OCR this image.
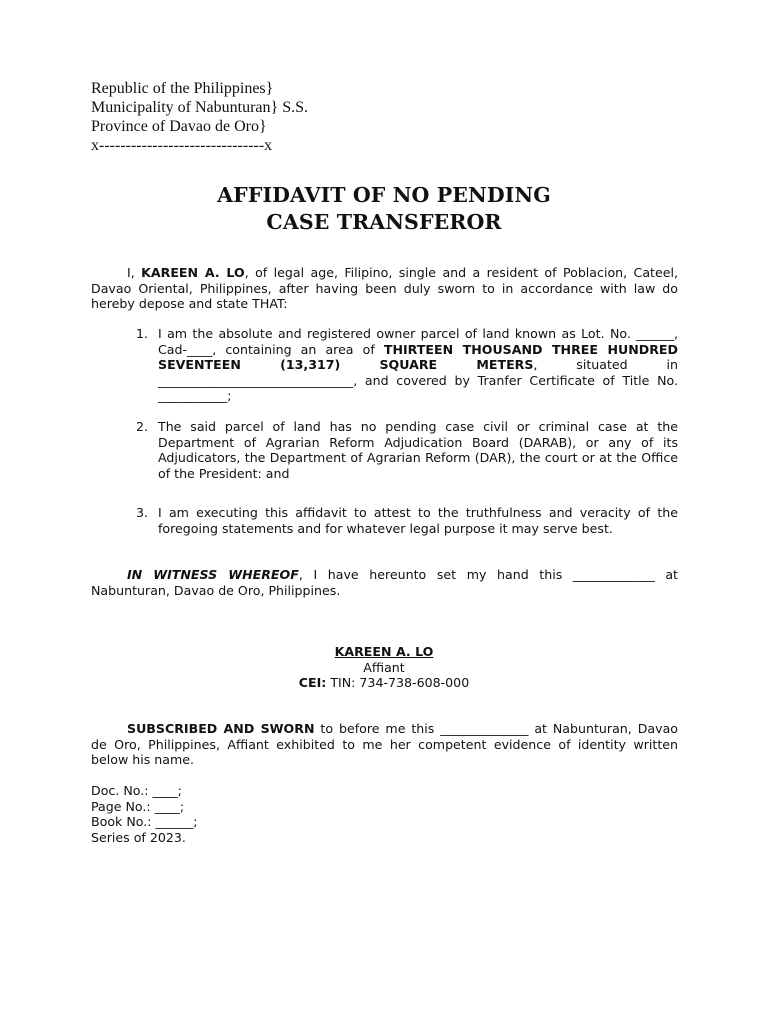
Republic of the Philippines}
Municipality of Nabunturan} S.S.
Province of Davao de Oro}
x-------------------------------x
AFFIDAVIT OF NO PENDING
CASE TRANSFEROR
I, KAREEN A. LO, of legal age, Filipino, single and a resident of Poblacion, Cateel, Davao Oriental, Philippines, after having been duly sworn to in accordance with law do hereby depose and state THAT:
1. I am the absolute and registered owner parcel of land known as Lot. No. ______, Cad-____, containing an area of THIRTEEN THOUSAND THREE HUNDRED SEVENTEEN (13,317) SQUARE METERS, situated in _______________________________, and covered by Tranfer Certificate of Title No. ___________;
2. The said parcel of land has no pending case civil or criminal case at the Department of Agrarian Reform Adjudication Board (DARAB), or any of its Adjudicators, the Department of Agrarian Reform (DAR), the court or at the Office of the President: and
3. I am executing this affidavit to attest to the truthfulness and veracity of the foregoing statements and for whatever legal purpose it may serve best.
IN WITNESS WHEREOF, I have hereunto set my hand this _____________ at Nabunturan, Davao de Oro, Philippines.
KAREEN A. LO
Affiant
CEI: TIN: 734-738-608-000
SUBSCRIBED AND SWORN to before me this ______________ at Nabunturan, Davao de Oro, Philippines, Affiant exhibited to me her competent evidence of identity written below his name.
Doc. No.: ____;
Page No.: ____;
Book No.: ______;
Series of 2023.
